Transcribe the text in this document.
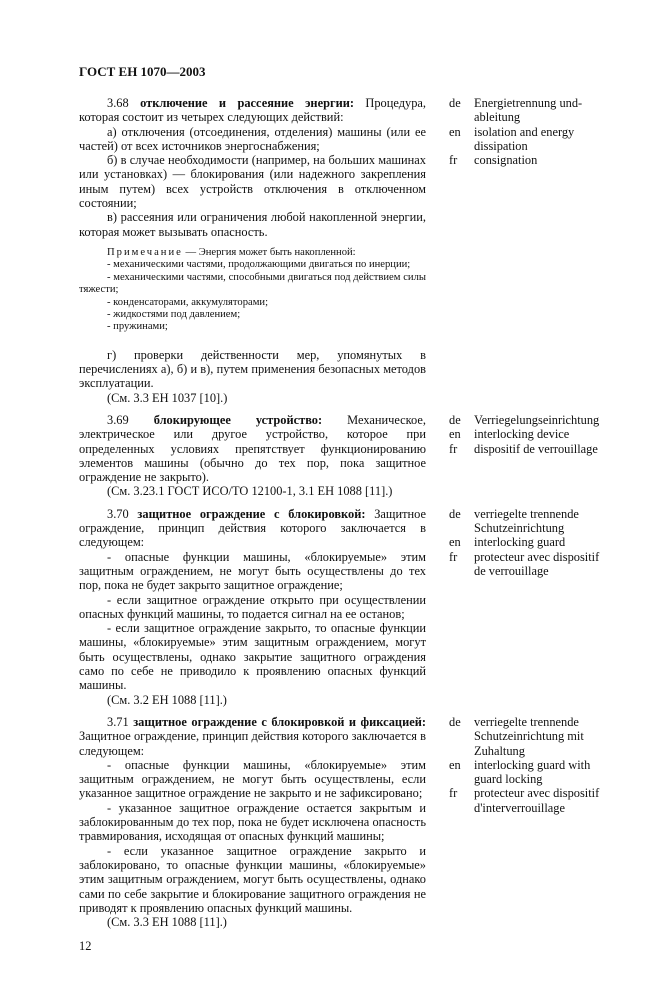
ГОСТ ЕН 1070—2003

3.68 отключение и рассеяние энергии: Процедура, которая состоит из четырех следующих действий:

а) отключения (отсоединения, отделения) машины (или ее частей) от всех источников энергоснабжения;

б) в случае необходимости (например, на больших машинах или установках) — блокирования (или надежного закрепления иным путем) всех устройств отключения в отключенном состоянии;

в) рассеяния или ограничения любой накопленной энергии, которая может вызывать опасность.

Примечание — Энергия может быть накопленной:

- механическими частями, продолжающими двигаться по инерции;

- механическими частями, способными двигаться под действием силы тяжести;

- конденсаторами, аккумуляторами;

- жидкостями под давлением;

- пружинами;

г) проверки действенности мер, упомянутых в перечислениях а), б) и в), путем применения безопасных методов эксплуатации.

(См. 3.3 ЕН 1037 [10].)

de	Energietrennung und-ableitung
en	isolation and energy dissipation
fr	consignation

3.69 блокирующее устройство: Механическое, электрическое или другое устройство, которое при определенных условиях препятствует функционированию элементов машины (обычно до тех пор, пока защитное ограждение не закрыто).

(См. 3.23.1 ГОСТ ИСО/ТО 12100-1, 3.1 ЕН 1088 [11].)

de	Verriegelungseinrichtung
en	interlocking device
fr	dispositif de verrouillage

3.70 защитное ограждение с блокировкой: Защитное ограждение, принцип действия которого заключается в следующем:

- опасные функции машины, «блокируемые» этим защитным ограждением, не могут быть осуществлены до тех пор, пока не будет закрыто защитное ограждение;

- если защитное ограждение открыто при осуществлении опасных функций машины, то подается сигнал на ее останов;

- если защитное ограждение закрыто, то опасные функции машины, «блокируемые» этим защитным ограждением, могут быть осуществлены, однако закрытие защитного ограждения само по себе не приводило к проявлению опасных функций машины.

(См. 3.2 ЕН 1088 [11].)

de	verriegelte trennende Schutzeinrichtung
en	interlocking guard
fr	protecteur avec dispositif de verrouillage

3.71 защитное ограждение с блокировкой и фиксацией: Защитное ограждение, принцип действия которого заключается в следующем:

- опасные функции машины, «блокируемые» этим защитным ограждением, не могут быть осуществлены, если указанное защитное ограждение не закрыто и не зафиксировано;

- указанное защитное ограждение остается закрытым и заблокированным до тех пор, пока не будет исключена опасность травмирования, исходящая от опасных функций машины;

- если указанное защитное ограждение закрыто и заблокировано, то опасные функции машины, «блокируемые» этим защитным ограждением, могут быть осуществлены, однако сами по себе закрытие и блокирование защитного ограждения не приводят к проявлению опасных функций машины.

(См. 3.3 ЕН 1088 [11].)

de	verriegelte trennende Schutzeinrichtung mit Zuhaltung
en	interlocking guard with guard locking
fr	protecteur avec dispositif d'interverrouillage
12
